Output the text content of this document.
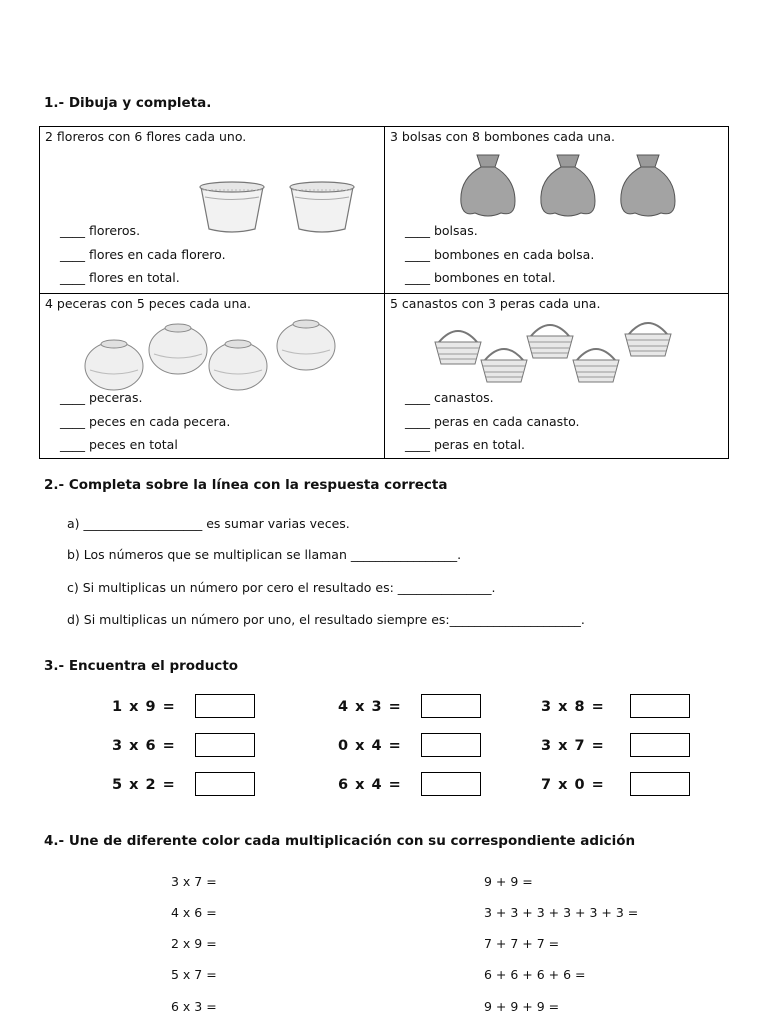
1.- Dibuja y completa.
2 floreros con 6 flores cada uno.
____ floreros.
____ flores en cada florero.
____ flores en total.
3 bolsas con 8 bombones cada una.
____ bolsas.
____ bombones en cada bolsa.
____ bombones en total.
4 peceras con 5 peces cada una.
____ peceras.
____ peces en cada pecera.
____ peces en total
5 canastos con 3 peras cada una.
____ canastos.
____ peras en cada canasto.
____ peras en total.
2.- Completa sobre la línea con la respuesta correcta
a) ___________________ es sumar varias veces.
b) Los números que se multiplican se llaman _________________.
c) Si multiplicas un número por cero el resultado es: _______________.
d) Si multiplicas un número por uno, el resultado siempre es:_____________________.
3.- Encuentra el producto
1 x 9 =	4 x 3 =	3 x 8 =
3 x 6 =	0 x 4 =	3 x 7 =
5 x 2 =	6 x 4 =	7 x 0 =
4.- Une de diferente color cada multiplicación con su correspondiente adición
3 x 7 =
4 x 6 =
2 x 9 =
5 x 7 =
6 x 3 =
9 + 9 =
3 + 3 + 3 + 3 + 3 + 3 =
7 + 7 + 7 =
6 + 6 + 6 + 6 =
9 + 9 + 9 =
